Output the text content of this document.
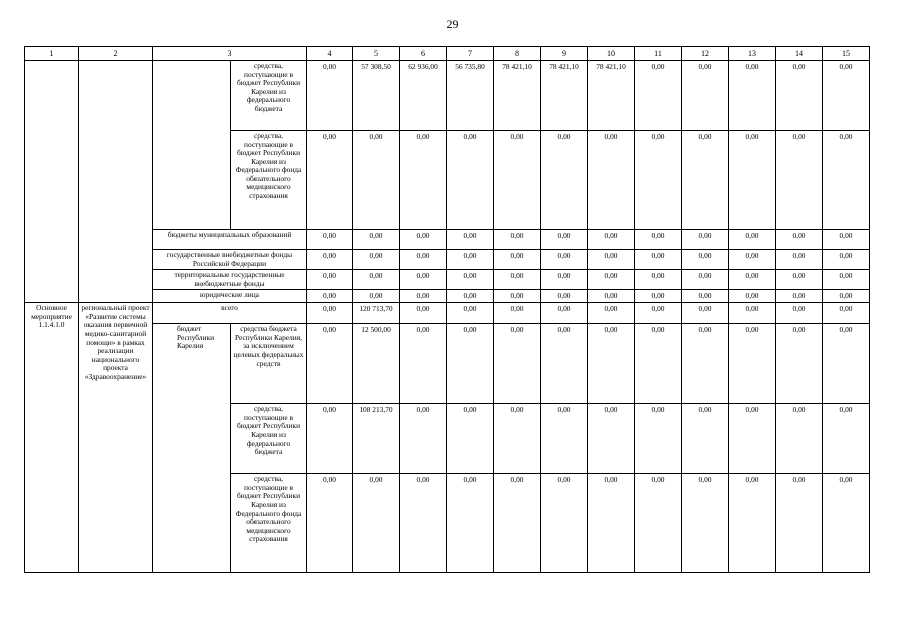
29
1	2	3		4	5	6	7	8	9	10	11	12	13	14	15
			средства, поступающие в бюджет Республики Карелия из федерального бюджета	0,00	57 308,50	62 936,00	56 735,80	78 421,10	78 421,10	78 421,10	0,00	0,00	0,00	0,00	0,00
			средства, поступающие в бюджет Республики Карелия из Федерального фонда обязательного медицинского страхования	0,00	0,00	0,00	0,00	0,00	0,00	0,00	0,00	0,00	0,00	0,00	0,00
		бюджеты муниципальных образований		0,00	0,00	0,00	0,00	0,00	0,00	0,00	0,00	0,00	0,00	0,00	0,00
		государственные внебюджетные фонды Российской Федерации		0,00	0,00	0,00	0,00	0,00	0,00	0,00	0,00	0,00	0,00	0,00	0,00
		территориальные государственные внебюджетные фонды		0,00	0,00	0,00	0,00	0,00	0,00	0,00	0,00	0,00	0,00	0,00	0,00
		юридические лица		0,00	0,00	0,00	0,00	0,00	0,00	0,00	0,00	0,00	0,00	0,00	0,00
Основное мероприятие 1.1.4.1.0	региональный проект «Развитие системы оказания первичной медико-санитарной помощи» в рамках реализации национального проекта «Здравоохранение»	всего		0,00	120 713,70	0,00	0,00	0,00	0,00	0,00	0,00	0,00	0,00	0,00	0,00
		бюджет Республики Карелия	средства бюджета Республики Карелия, за исключением целевых федеральных средств	0,00	12 500,00	0,00	0,00	0,00	0,00	0,00	0,00	0,00	0,00	0,00	0,00
			средства, поступающие в бюджет Республики Карелия из федерального бюджета	0,00	108 213,70	0,00	0,00	0,00	0,00	0,00	0,00	0,00	0,00	0,00	0,00
			средства, поступающие в бюджет Республики Карелия из Федерального фонда обязательного медицинского страхования	0,00	0,00	0,00	0,00	0,00	0,00	0,00	0,00	0,00	0,00	0,00	0,00
